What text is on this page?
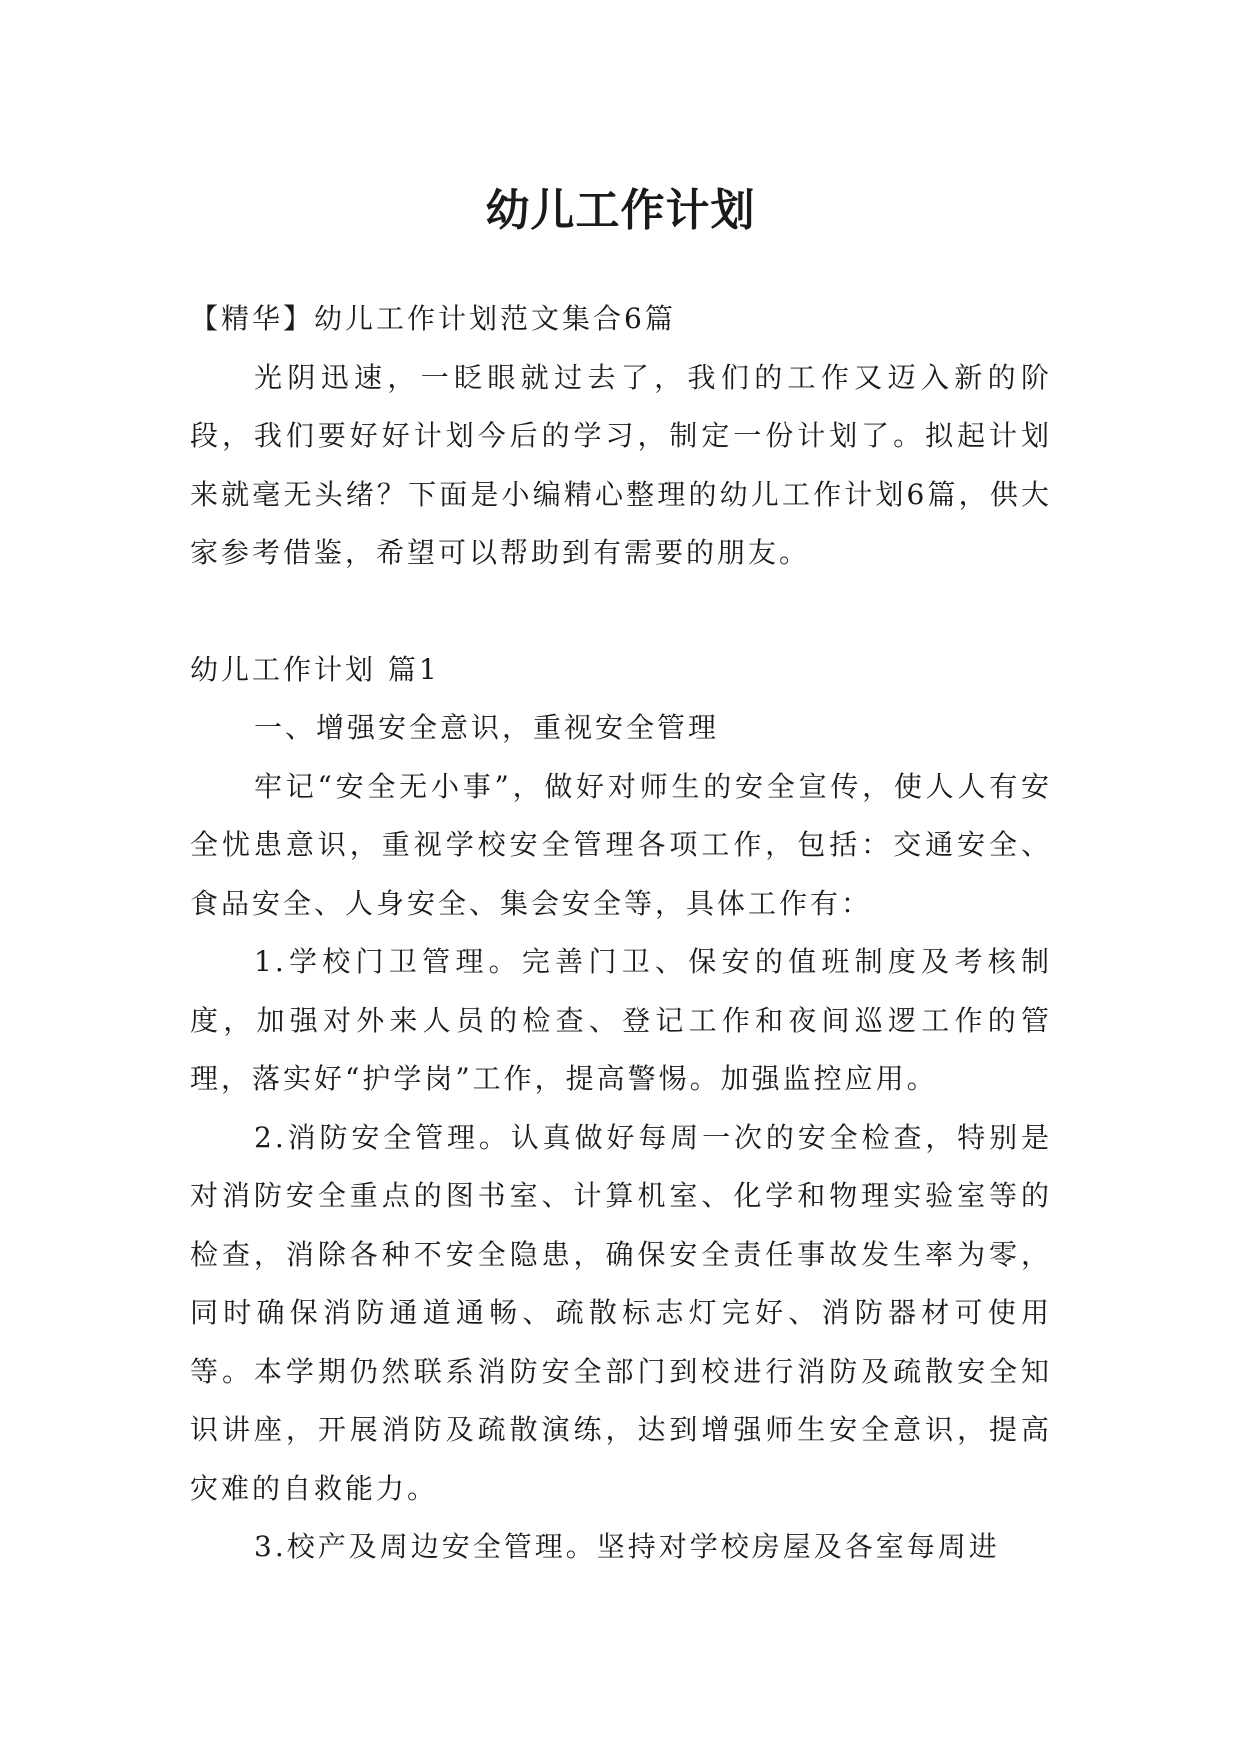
幼儿工作计划

【精华】幼儿工作计划范文集合6篇

光阴迅速，一眨眼就过去了，我们的工作又迈入新的阶段，我们要好好计划今后的学习，制定一份计划了。拟起计划来就毫无头绪？下面是小编精心整理的幼儿工作计划6篇，供大家参考借鉴，希望可以帮助到有需要的朋友。

幼儿工作计划 篇1

一、增强安全意识，重视安全管理

牢记“安全无小事”，做好对师生的安全宣传，使人人有安全忧患意识，重视学校安全管理各项工作，包括：交通安全、食品安全、人身安全、集会安全等，具体工作有：

1.学校门卫管理。完善门卫、保安的值班制度及考核制度，加强对外来人员的检查、登记工作和夜间巡逻工作的管理，落实好“护学岗”工作，提高警惕。加强监控应用。

2.消防安全管理。认真做好每周一次的安全检查，特别是对消防安全重点的图书室、计算机室、化学和物理实验室等的检查，消除各种不安全隐患，确保安全责任事故发生率为零，同时确保消防通道通畅、疏散标志灯完好、消防器材可使用等。本学期仍然联系消防安全部门到校进行消防及疏散安全知识讲座，开展消防及疏散演练，达到增强师生安全意识，提高灾难的自救能力。

3.校产及周边安全管理。坚持对学校房屋及各室每周进
